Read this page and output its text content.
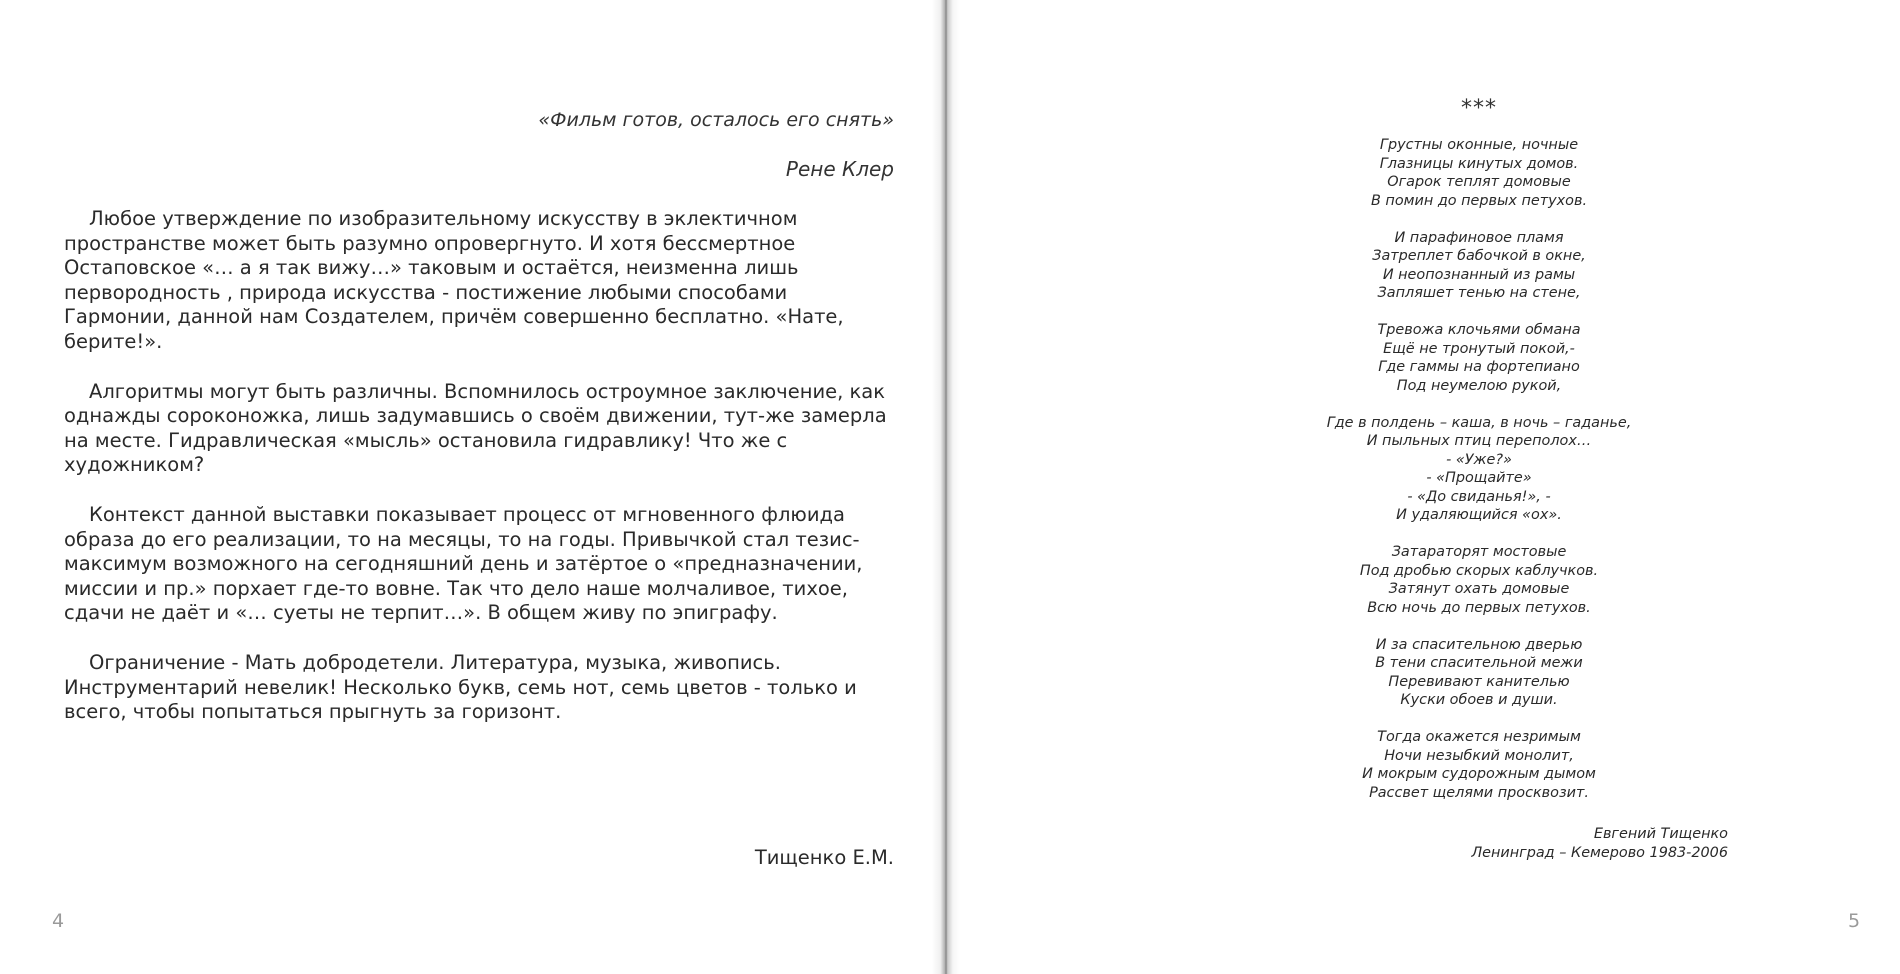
«Фильм готов, осталось его снять»
Рене Клер

Любое утверждение по изобразительному искусству в эклектичном
пространстве может быть разумно опровергнуто. И хотя бессмертное
Остаповское «… а я так вижу…» таковым и остаётся, неизменна лишь
первородность , природа искусства - постижение любыми способами
Гармонии, данной нам Создателем, причём совершенно бесплатно. «Нате,
берите!».

Алгоритмы могут быть различны. Вспомнилось остроумное заключение, как
однажды сороконожка, лишь задумавшись о своём движении, тут-же замерла
на месте. Гидравлическая «мысль» остановила гидравлику! Что же с
художником?

Контекст данной выставки показывает процесс от мгновенного флюида
образа до его реализации, то на месяцы, то на годы. Привычкой стал тезис-
максимум возможного на сегодняшний день и затёртое о «предназначении,
миссии и пр.» порхает где-то вовне. Так что дело наше молчаливое, тихое,
сдачи не даёт и «… суеты не терпит…». В общем живу по эпиграфу.

Ограничение - Мать добродетели. Литература, музыка, живопись.
Инструментарий невелик! Несколько букв, семь нот, семь цветов - только и
всего, чтобы попытаться прыгнуть за горизонт.

Тищенко Е.М.
4
***
Грустны оконные, ночные
Глазницы кинутых домов.
Огарок теплят домовые
В помин до первых петухов.
И парафиновое пламя
Затреплет бабочкой в окне,
И неопознанный из рамы
Запляшет тенью на стене,
Тревожа клочьями обмана
Ещё не тронутый покой,-
Где гаммы на фортепиано
Под неумелою рукой,
Где в полдень – каша, в ночь – гаданье,
И пыльных птиц переполох…
- «Уже?»
- «Прощайте»
- «До свиданья!», -
И удаляющийся «ох».
Затараторят мостовые
Под дробью скорых каблучков.
Затянут охать домовые
Всю ночь до первых петухов.
И за спасительною дверью
В тени спасительной межи
Перевивают канителью
Куски обоев и души.
Тогда окажется незримым
Ночи незыбкий монолит,
И мокрым судорожным дымом
Рассвет щелями просквозит.
Евгений Тищенко
Ленинград – Кемерово 1983-2006
5
